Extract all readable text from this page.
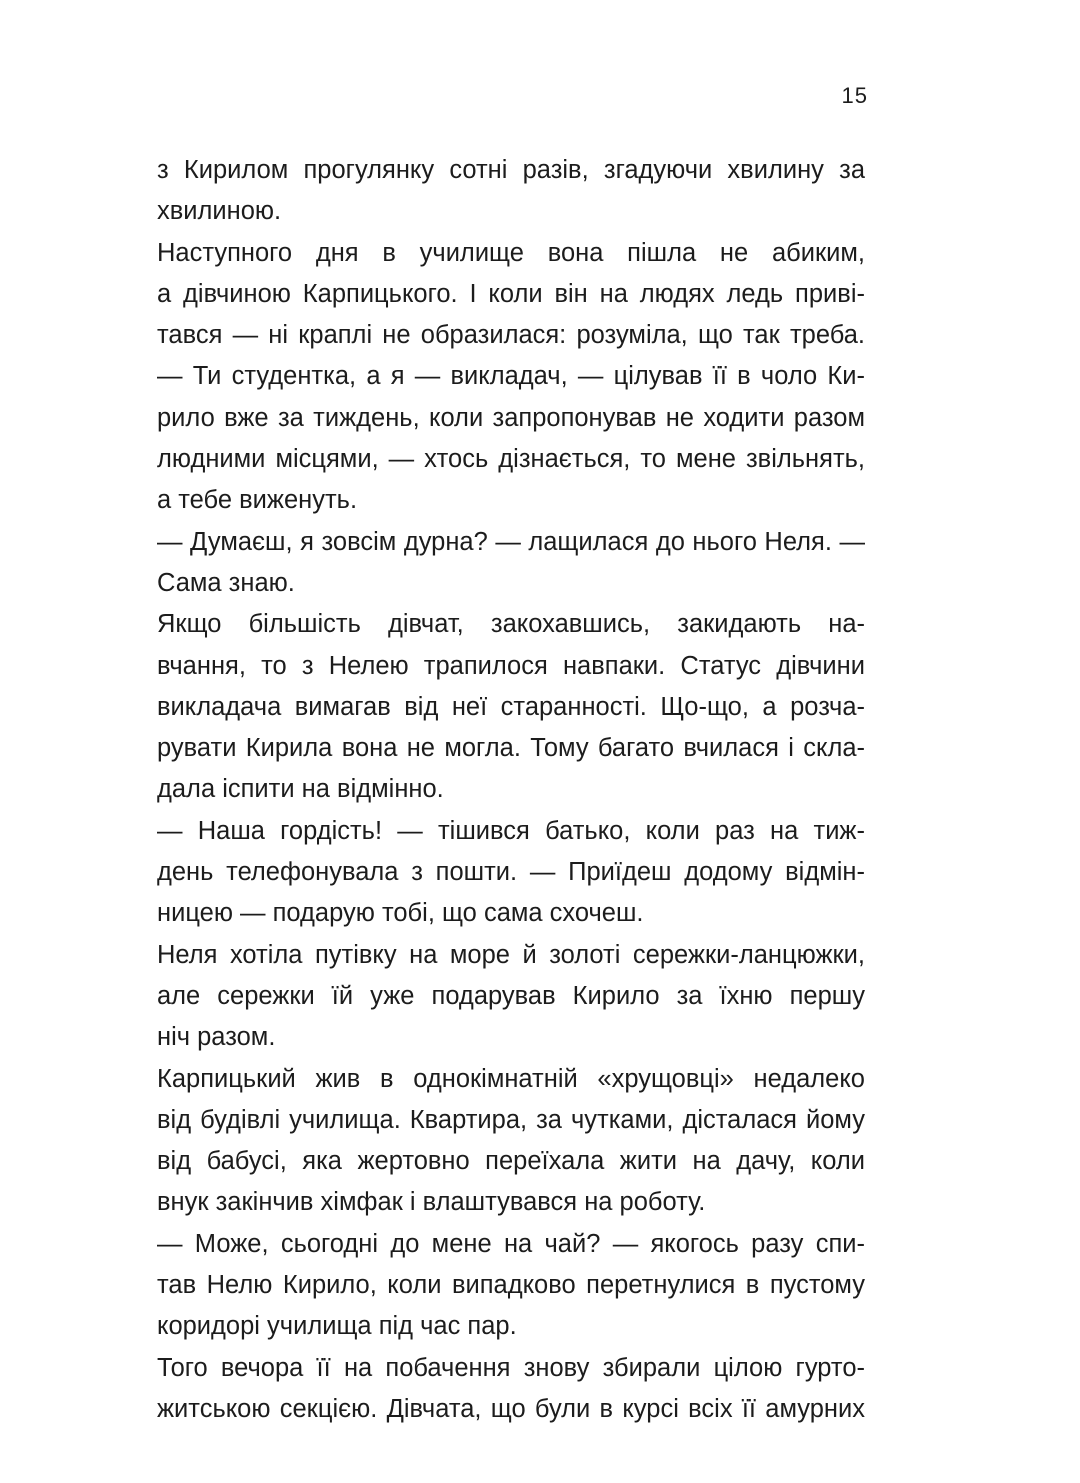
15
з Кирилом прогулянку сотні разів, згадуючи хвилину за
хвилиною.
Наступного дня в училище вона пішла не абиким,
а дівчиною Карпицького. І коли він на людях ледь приві-
тався — ні краплі не образилася: розуміла, що так треба.
— Ти студентка, а я — викладач, — цілував її в чоло Ки-
рило вже за тиждень, коли запропонував не ходити разом
людними місцями, — хтось дізнається, то мене звільнять,
а тебе виженуть.
— Думаєш, я зовсім дурна? — лащилася до нього Неля. —
Сама знаю.
Якщо більшість дівчат, закохавшись, закидають на-
вчання, то з Нелею трапилося навпаки. Статус дівчини
викладача вимагав від неї старанності. Що-що, а розча-
рувати Кирила вона не могла. Тому багато вчилася і скла-
дала іспити на відмінно.
— Наша гордість! — тішився батько, коли раз на тиж-
день телефонувала з пошти. — Приїдеш додому відмін-
ницею — подарую тобі, що сама схочеш.
Неля хотіла путівку на море й золоті сережки-ланцюжки,
але сережки їй уже подарував Кирило за їхню першу
ніч разом.
Карпицький жив в однокімнатній «хрущовці» недалеко
від будівлі училища. Квартира, за чутками, дісталася йому
від бабусі, яка жертовно переїхала жити на дачу, коли
внук закінчив хімфак і влаштувався на роботу.
— Може, сьогодні до мене на чай? — якогось разу спи-
тав Нелю Кирило, коли випадково перетнулися в пустому
коридорі училища під час пар.
Того вечора її на побачення знову збирали цілою гурто-
житською секцією. Дівчата, що були в курсі всіх її амурних
